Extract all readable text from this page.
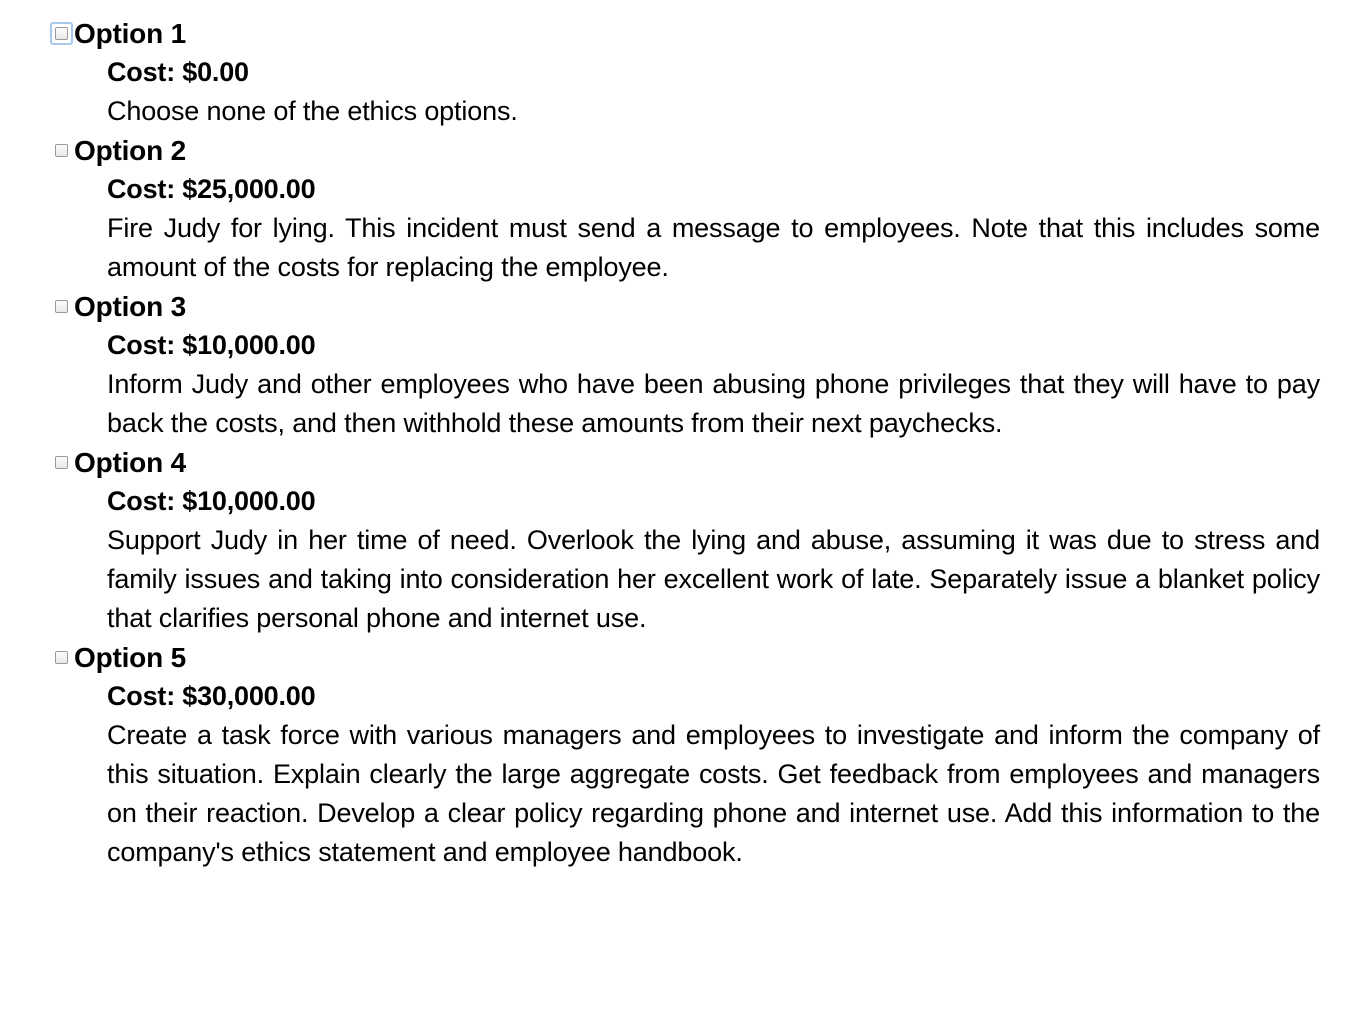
Option 1
Cost: $0.00
Choose none of the ethics options.
Option 2
Cost: $25,000.00
Fire Judy for lying. This incident must send a message to employees. Note that this includes some amount of the costs for replacing the employee.
Option 3
Cost: $10,000.00
Inform Judy and other employees who have been abusing phone privileges that they will have to pay back the costs, and then withhold these amounts from their next paychecks.
Option 4
Cost: $10,000.00
Support Judy in her time of need. Overlook the lying and abuse, assuming it was due to stress and family issues and taking into consideration her excellent work of late. Separately issue a blanket policy that clarifies personal phone and internet use.
Option 5
Cost: $30,000.00
Create a task force with various managers and employees to investigate and inform the company of this situation. Explain clearly the large aggregate costs. Get feedback from employees and managers on their reaction. Develop a clear policy regarding phone and internet use. Add this information to the company's ethics statement and employee handbook.
